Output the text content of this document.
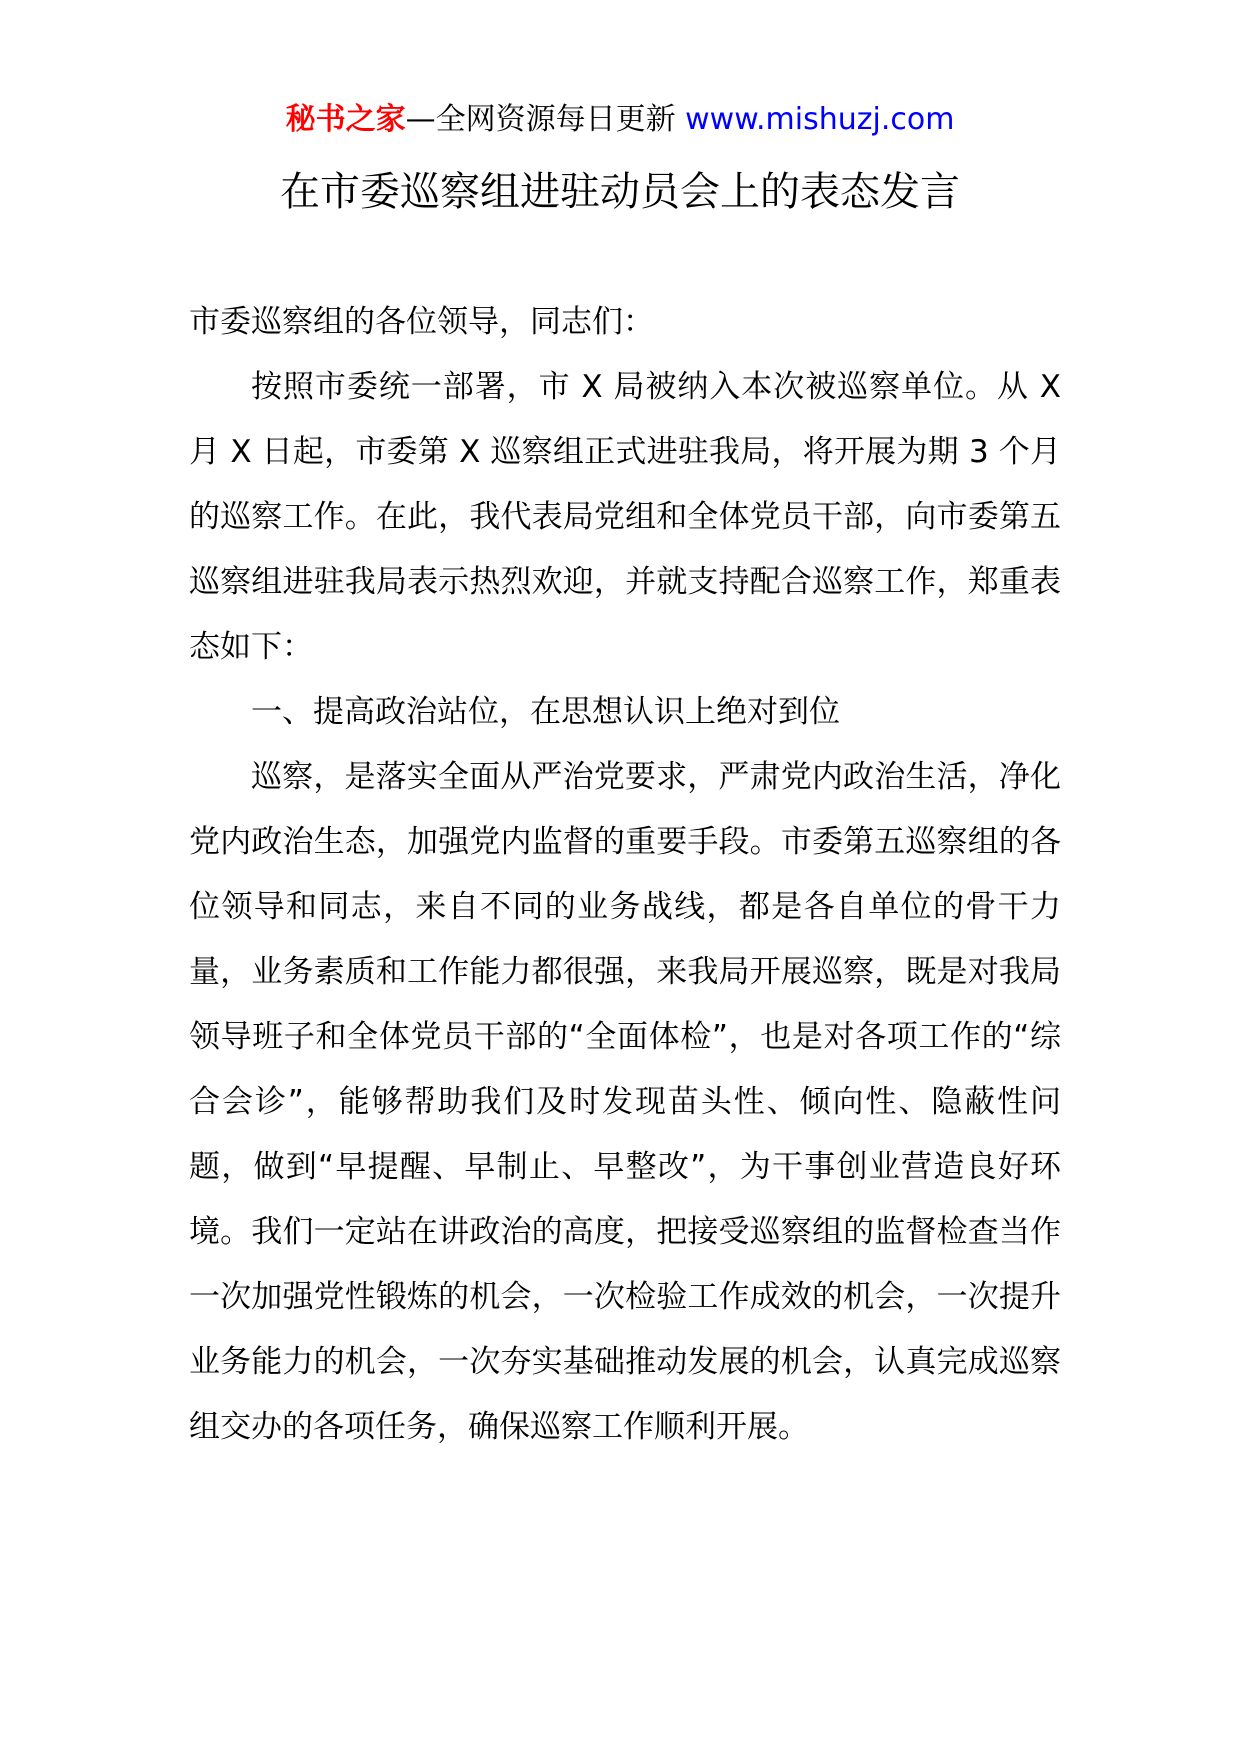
秘书之家—全网资源每日更新 www.mishuzj.com
在市委巡察组进驻动员会上的表态发言

市委巡察组的各位领导，同志们：

按照市委统一部署，市 X 局被纳入本次被巡察单位。从 X 月 X 日起，市委第 X 巡察组正式进驻我局，将开展为期 3 个月的巡察工作。在此，我代表局党组和全体党员干部，向市委第五巡察组进驻我局表示热烈欢迎，并就支持配合巡察工作，郑重表态如下：

一、提高政治站位，在思想认识上绝对到位

巡察，是落实全面从严治党要求，严肃党内政治生活，净化党内政治生态，加强党内监督的重要手段。市委第五巡察组的各位领导和同志，来自不同的业务战线，都是各自单位的骨干力量，业务素质和工作能力都很强，来我局开展巡察，既是对我局领导班子和全体党员干部的“全面体检”，也是对各项工作的“综合会诊”，能够帮助我们及时发现苗头性、倾向性、隐蔽性问题，做到“早提醒、早制止、早整改”，为干事创业营造良好环境。我们一定站在讲政治的高度，把接受巡察组的监督检查当作一次加强党性锻炼的机会，一次检验工作成效的机会，一次提升业务能力的机会，一次夯实基础推动发展的机会，认真完成巡察组交办的各项任务，确保巡察工作顺利开展。
